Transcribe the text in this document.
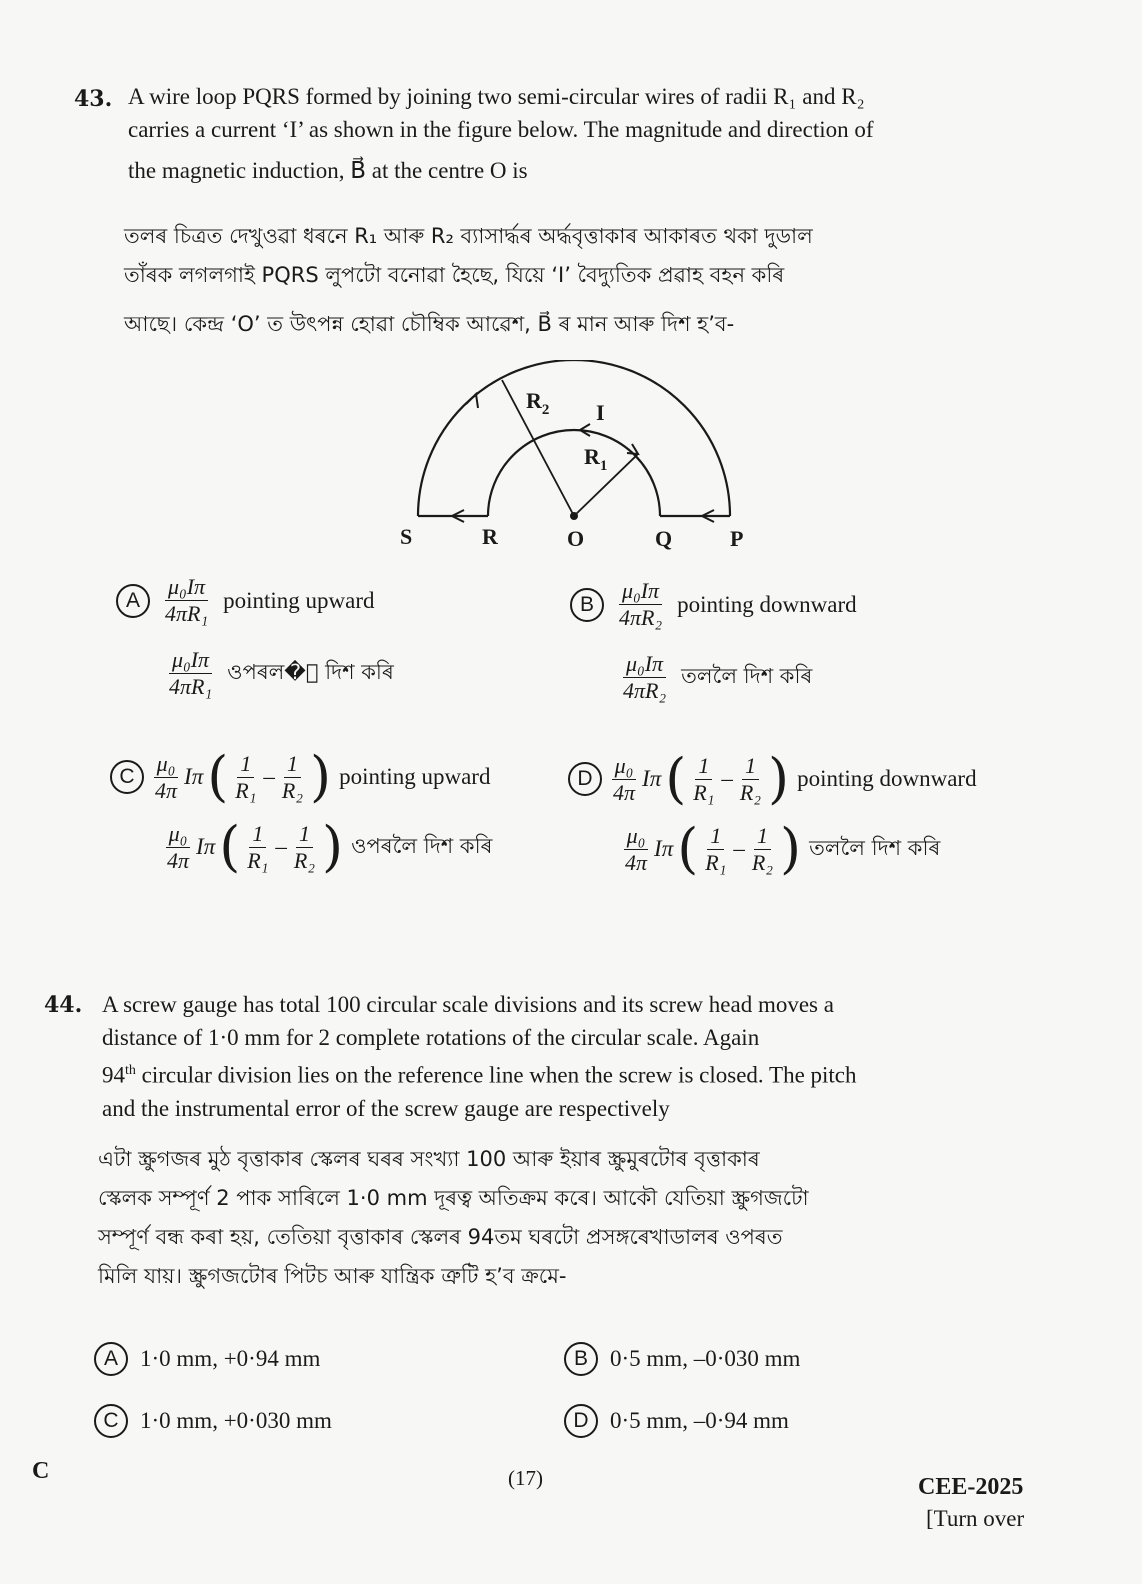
43. A wire loop PQRS formed by joining two semi-circular wires of radii R₁ and R₂
carries a current ‘I’ as shown in the figure below. The magnitude and direction of
the magnetic induction, B⃗ at the centre O is
তলৰ চিত্ৰত দেখুওৱা ধৰনে R₁ আৰু R₂ ব্যাসাৰ্দ্ধৰ অৰ্দ্ধবৃত্তাকাৰ আকাৰত থকা দুডাল
তাঁৰক লগলগাই PQRS লুপটো বনোৱা হৈছে, যিয়ে ‘I’ বৈদ্যুতিক প্ৰৱাহ বহন কৰি
আছে। কেন্দ্ৰ ‘O’ ত উৎপন্ন হোৱা চৌম্বিক আৱেশ, B⃗ ৰ মান আৰু দিশ হ’ব-
$R_2$ I
$R_1$
S	R	O	Q	P
A	$\frac{\text{μ₀Iπ}}{\text{4πR₁}}$ pointing upward
$\frac{\text{μ₀Iπ}}{\text{4πR₁}}$ ওপৰল�ৈ দিশ কৰি
B	$\frac{\text{μ₀Iπ}}{\text{4πR₂}}$ pointing downward
$\frac{\text{μ₀Iπ}}{\text{4πR₂}}$ তললৈ দিশ কৰি
C $\frac{\text{μ₀}}{4\pi}$ Iπ ( $\frac{1}{\text{R₁}} - \frac{1}{\text{R₂}}$ ) pointing upward
$\frac{\text{μ₀}}{4\pi}$ Iπ ( $\frac{1}{\text{R₁}} - \frac{1}{\text{R₂}}$ ) ওপৰলৈ দিশ কৰি
D $\frac{\text{μ₀}}{4\pi}$ Iπ ( $\frac{1}{\text{R₁}} - \frac{1}{\text{R₂}}$ ) pointing downward
$\frac{\text{μ₀}}{4\pi}$ Iπ ( $\frac{1}{\text{R₁}} - \frac{1}{\text{R₂}}$ ) তললৈ দিশ কৰি
44. A screw gauge has total 100 circular scale divisions and its screw head moves a
distance of 1·0 mm for 2 complete rotations of the circular scale. Again
94th circular division lies on the reference line when the screw is closed. The pitch
and the instrumental error of the screw gauge are respectively
এটা স্ক্ৰুগজৰ মুঠ বৃত্তাকাৰ স্কেলৰ ঘৰৰ সংখ্যা 100 আৰু ইয়াৰ স্ক্ৰুমুৰটোৰ বৃত্তাকাৰ
স্কেলক সম্পূৰ্ণ 2 পাক সাৰিলে 1·0 mm দূৰত্ব অতিক্ৰম কৰে। আকৌ যেতিয়া স্ক্ৰুগজটো
সম্পূৰ্ণ বন্ধ কৰা হয়, তেতিয়া বৃত্তাকাৰ স্কেলৰ 94তম ঘৰটো প্ৰসঙ্গৰেখাডালৰ ওপৰত
মিলি যায়। স্ক্ৰুগজটোৰ পিটচ আৰু যান্ত্ৰিক ত্ৰুটি হ’ব ক্ৰমে-
A 1·0 mm, +0·94 mm	B 0·5 mm, –0·030 mm
C 1·0 mm, +0·030 mm	D 0·5 mm, –0·94 mm
C	(17)	CEE-2025
[Turn over
